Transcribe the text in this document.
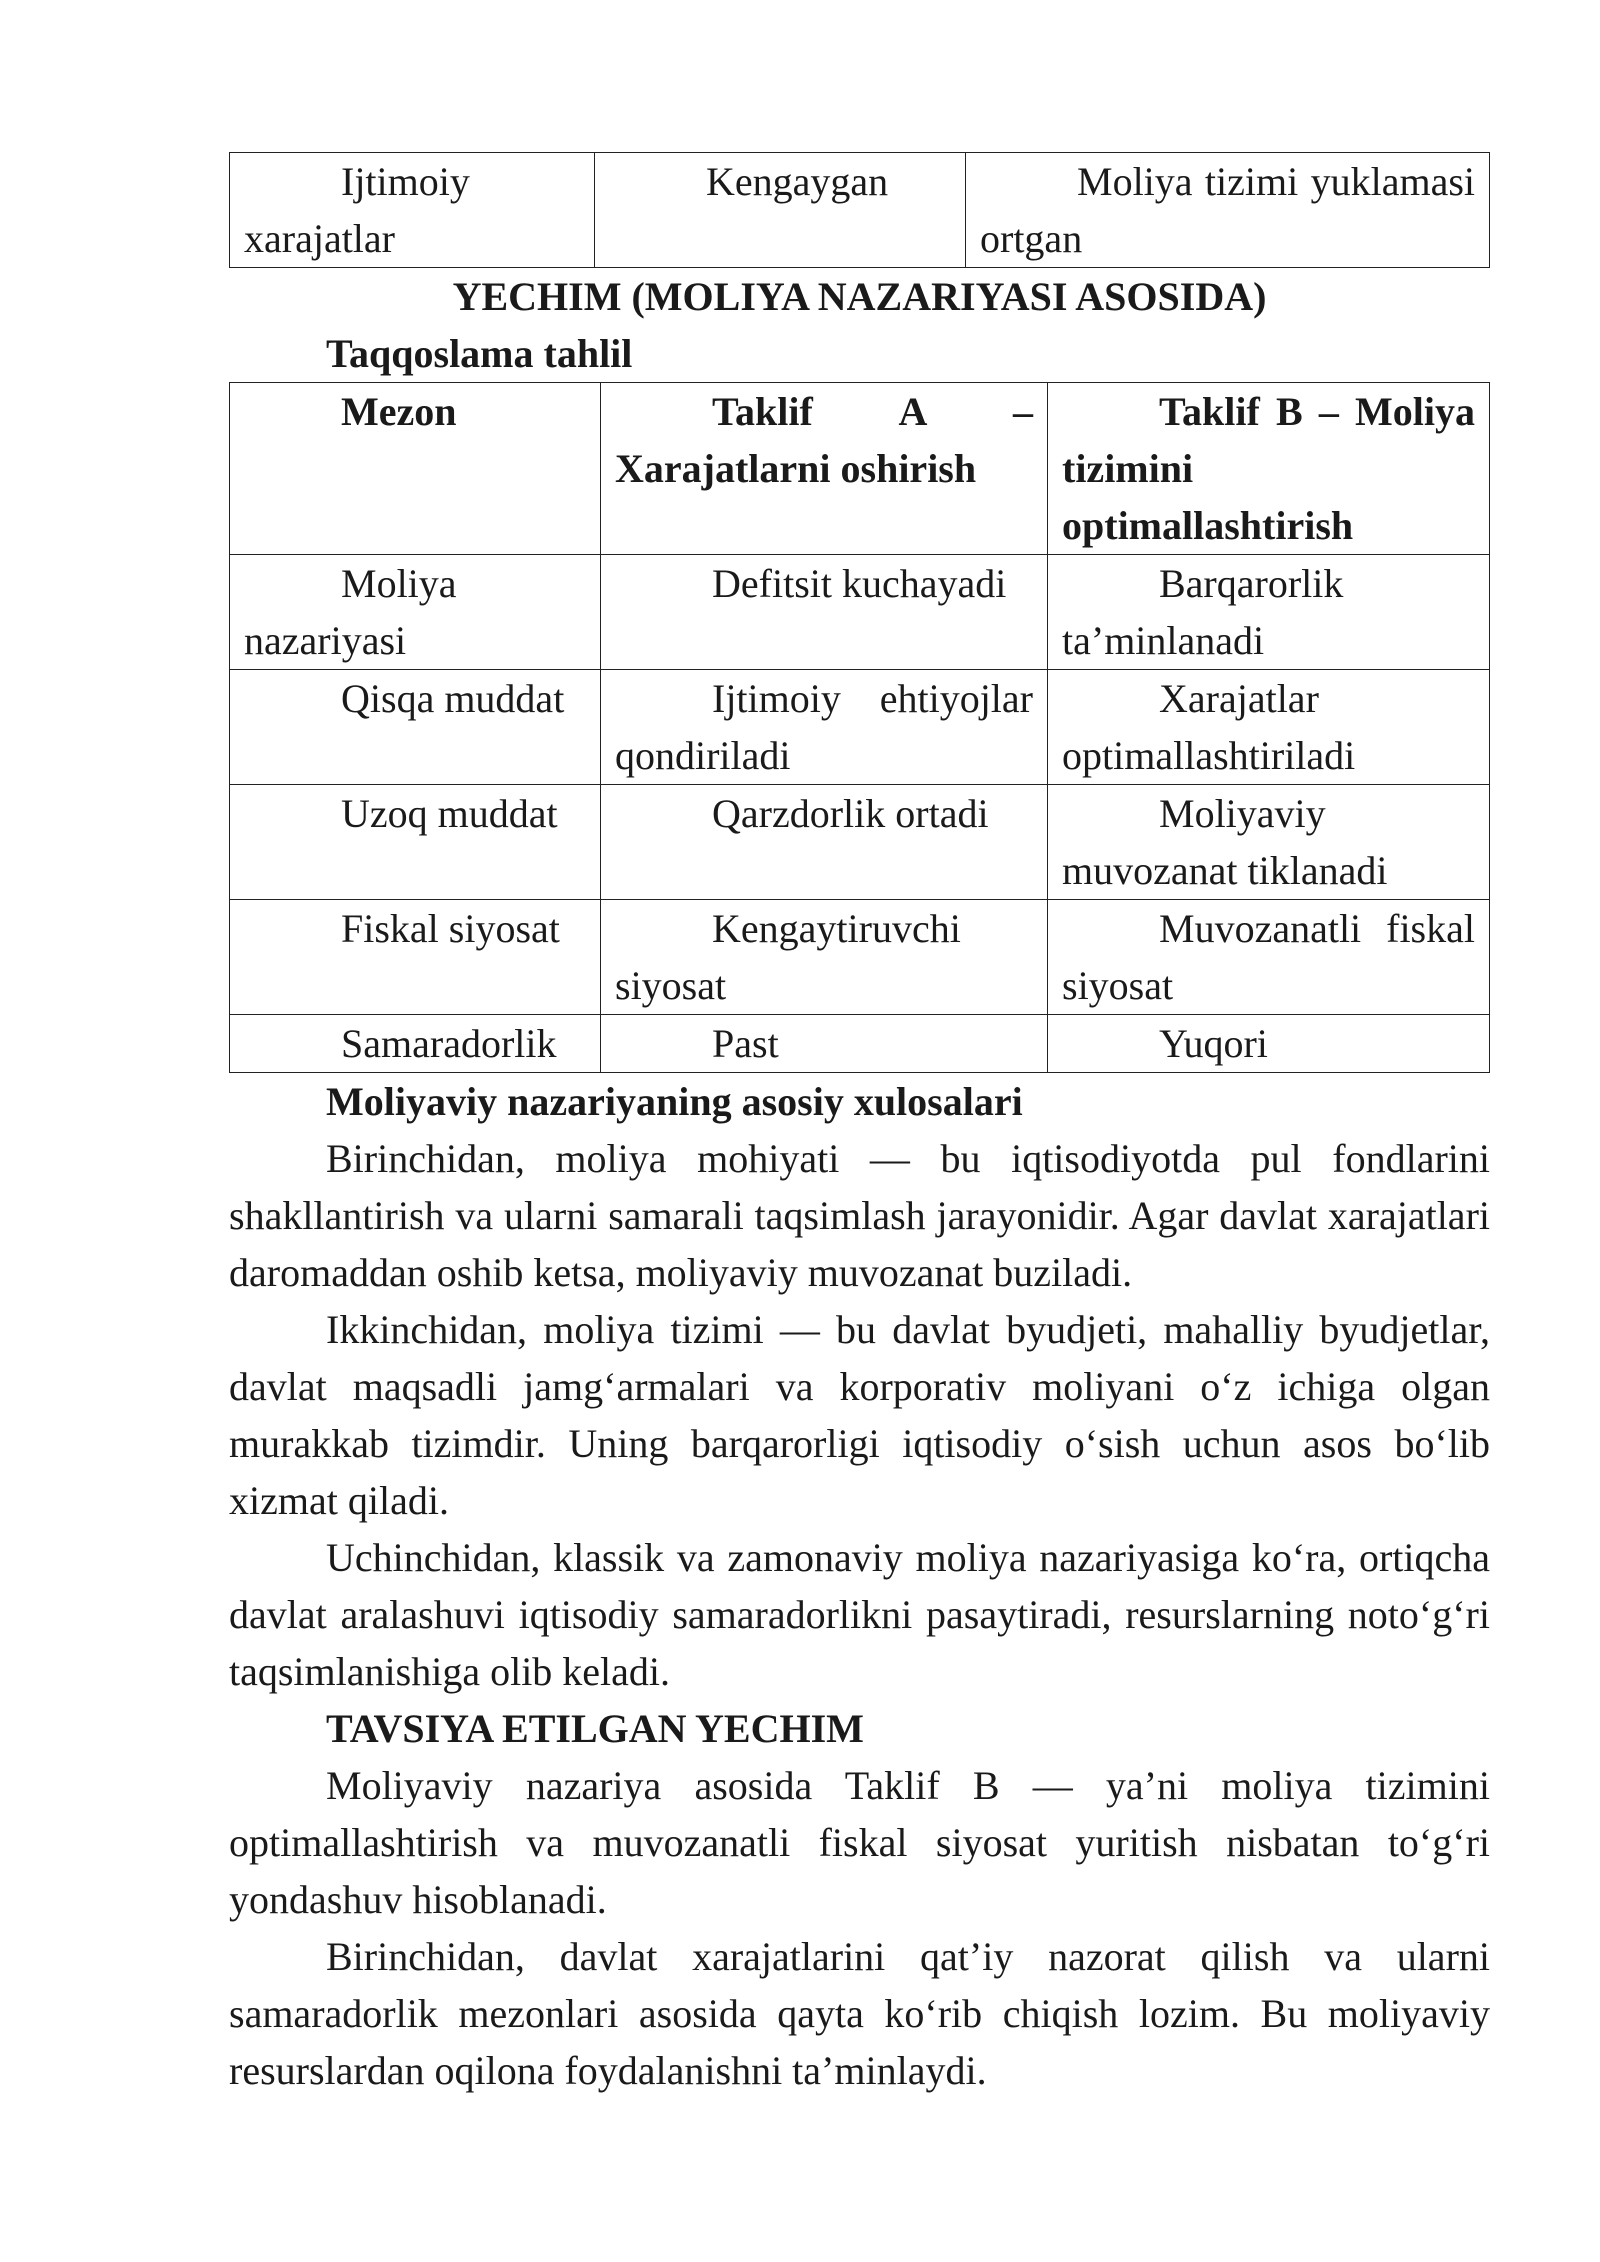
Ijtimoiy xarajatlar	Kengaygan	Moliya tizimi yuklamasi ortgan

YECHIM (MOLIYA NAZARIYASI ASOSIDA)

Taqqoslama tahlil

Mezon	Taklif A – Xarajatlarni oshirish	Taklif B – Moliya tizimini optimallashtirish
Moliya nazariyasi	Defitsit kuchayadi	Barqarorlik ta’minlanadi
Qisqa muddat	Ijtimoiy ehtiyojlar qondiriladi	Xarajatlar optimallashtiriladi
Uzoq muddat	Qarzdorlik ortadi	Moliyaviy muvozanat tiklanadi
Fiskal siyosat	Kengaytiruvchi siyosat	Muvozanatli fiskal siyosat
Samaradorlik	Past	Yuqori

Moliyaviy nazariyaning asosiy xulosalari

Birinchidan, moliya mohiyati — bu iqtisodiyotda pul fondlarini shakllantirish va ularni samarali taqsimlash jarayonidir. Agar davlat xarajatlari daromaddan oshib ketsa, moliyaviy muvozanat buziladi.

Ikkinchidan, moliya tizimi — bu davlat byudjeti, mahalliy byudjetlar, davlat maqsadli jamg‘armalari va korporativ moliyani o‘z ichiga olgan murakkab tizimdir. Uning barqarorligi iqtisodiy o‘sish uchun asos bo‘lib xizmat qiladi.

Uchinchidan, klassik va zamonaviy moliya nazariyasiga ko‘ra, ortiqcha davlat aralashuvi iqtisodiy samaradorlikni pasaytiradi, resurslarning noto‘g‘ri taqsimlanishiga olib keladi.

TAVSIYA ETILGAN YECHIM

Moliyaviy nazariya asosida Taklif B — ya’ni moliya tizimini optimallashtirish va muvozanatli fiskal siyosat yuritish nisbatan to‘g‘ri yondashuv hisoblanadi.

Birinchidan, davlat xarajatlarini qat’iy nazorat qilish va ularni samaradorlik mezonlari asosida qayta ko‘rib chiqish lozim. Bu moliyaviy resurslardan oqilona foydalanishni ta’minlaydi.
